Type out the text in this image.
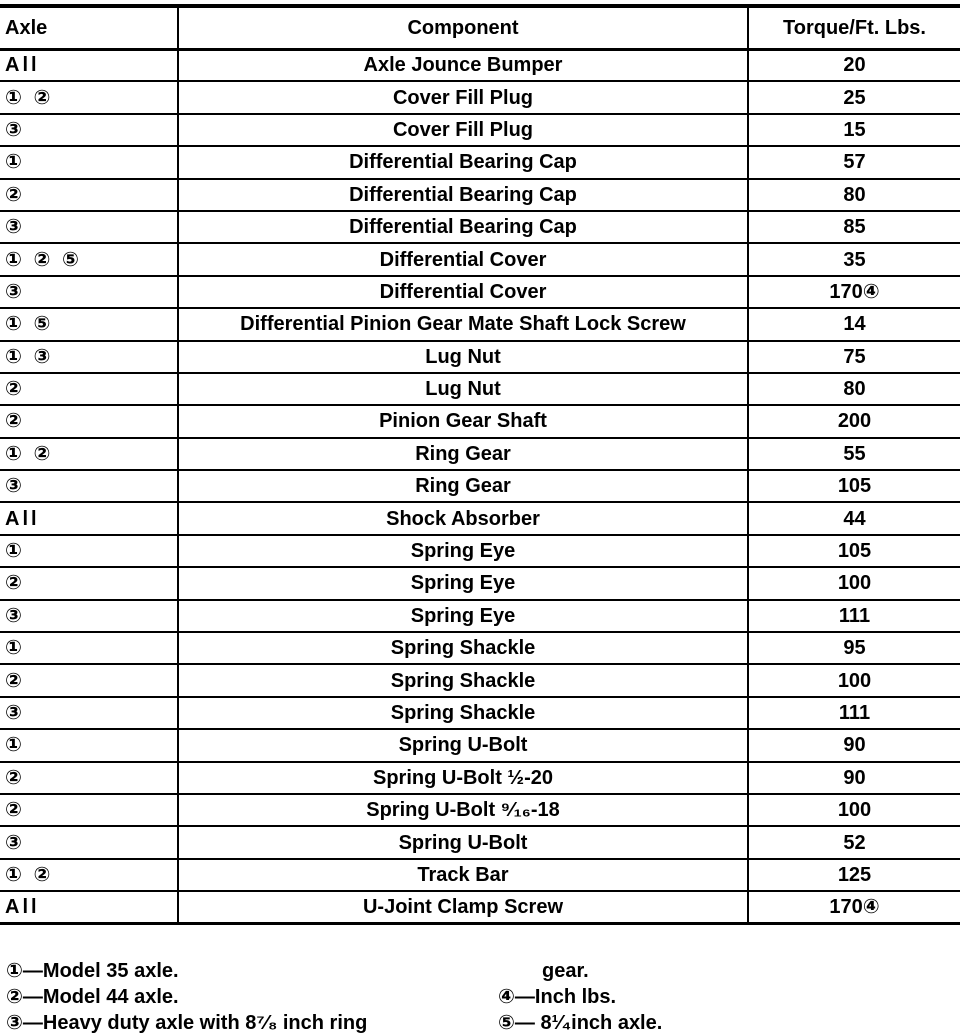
Axle	Component	Torque/Ft. Lbs.
All	Axle Jounce Bumper	20
① ②	Cover Fill Plug	25
③	Cover Fill Plug	15
①	Differential Bearing Cap	57
②	Differential Bearing Cap	80
③	Differential Bearing Cap	85
① ② ⑤	Differential Cover	35
③	Differential Cover	170④
① ⑤	Differential Pinion Gear Mate Shaft Lock Screw	14
① ③	Lug Nut	75
②	Lug Nut	80
②	Pinion Gear Shaft	200
① ②	Ring Gear	55
③	Ring Gear	105
All	Shock Absorber	44
①	Spring Eye	105
②	Spring Eye	100
③	Spring Eye	111
①	Spring Shackle	95
②	Spring Shackle	100
③	Spring Shackle	111
①	Spring U-Bolt	90
②	Spring U-Bolt ½-20	90
②	Spring U-Bolt ⁹⁄₁₆-18	100
③	Spring U-Bolt	52
① ②	Track Bar	125
All	U-Joint Clamp Screw	170④
①—Model 35 axle.
②—Model 44 axle.
③—Heavy duty axle with 8⁷⁄₈ inch ring
gear.
④—Inch lbs.
⑤— 8¹⁄₄inch axle.
